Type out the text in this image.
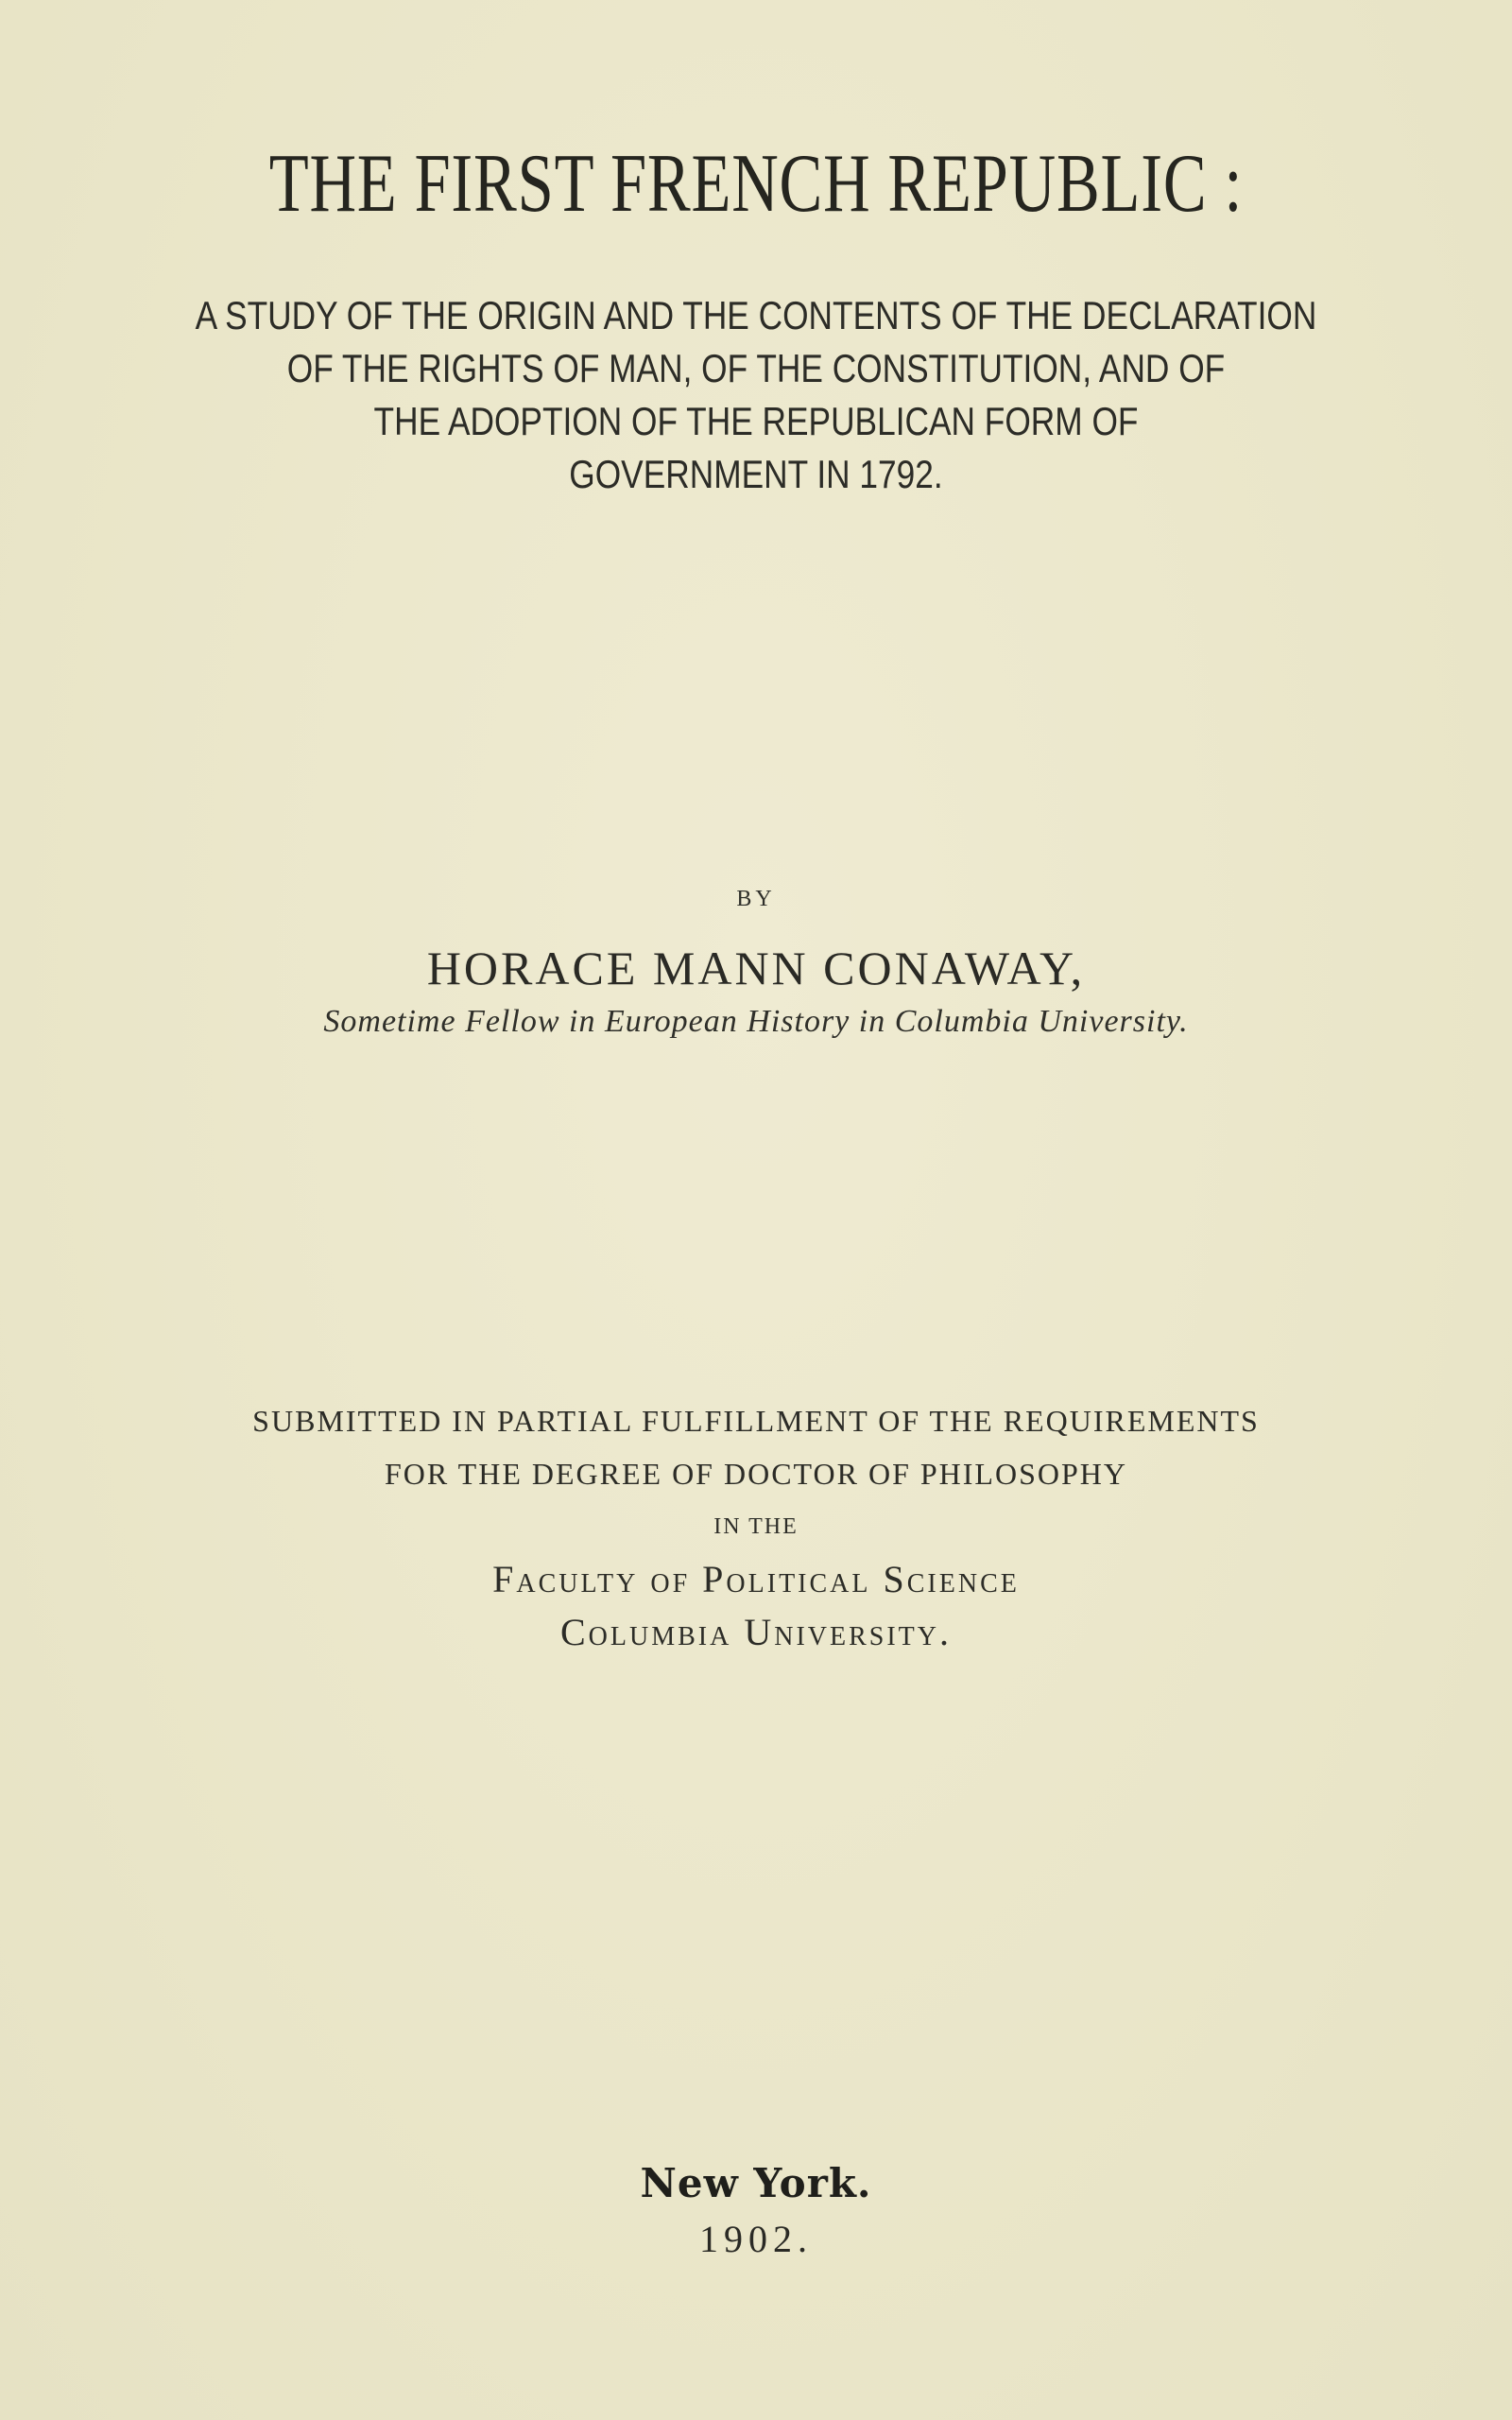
THE FIRST FRENCH REPUBLIC :
A STUDY OF THE ORIGIN AND THE CONTENTS OF THE DECLARATION
OF THE RIGHTS OF MAN, OF THE CONSTITUTION, AND OF
THE ADOPTION OF THE REPUBLICAN FORM OF
GOVERNMENT IN 1792.
BY
HORACE MANN CONAWAY,
Sometime Fellow in European History in Columbia University.
SUBMITTED IN PARTIAL FULFILLMENT OF THE REQUIREMENTS
FOR THE DEGREE OF DOCTOR OF PHILOSOPHY
IN THE
Faculty of Political Science
Columbia University.
New York.
1902.
